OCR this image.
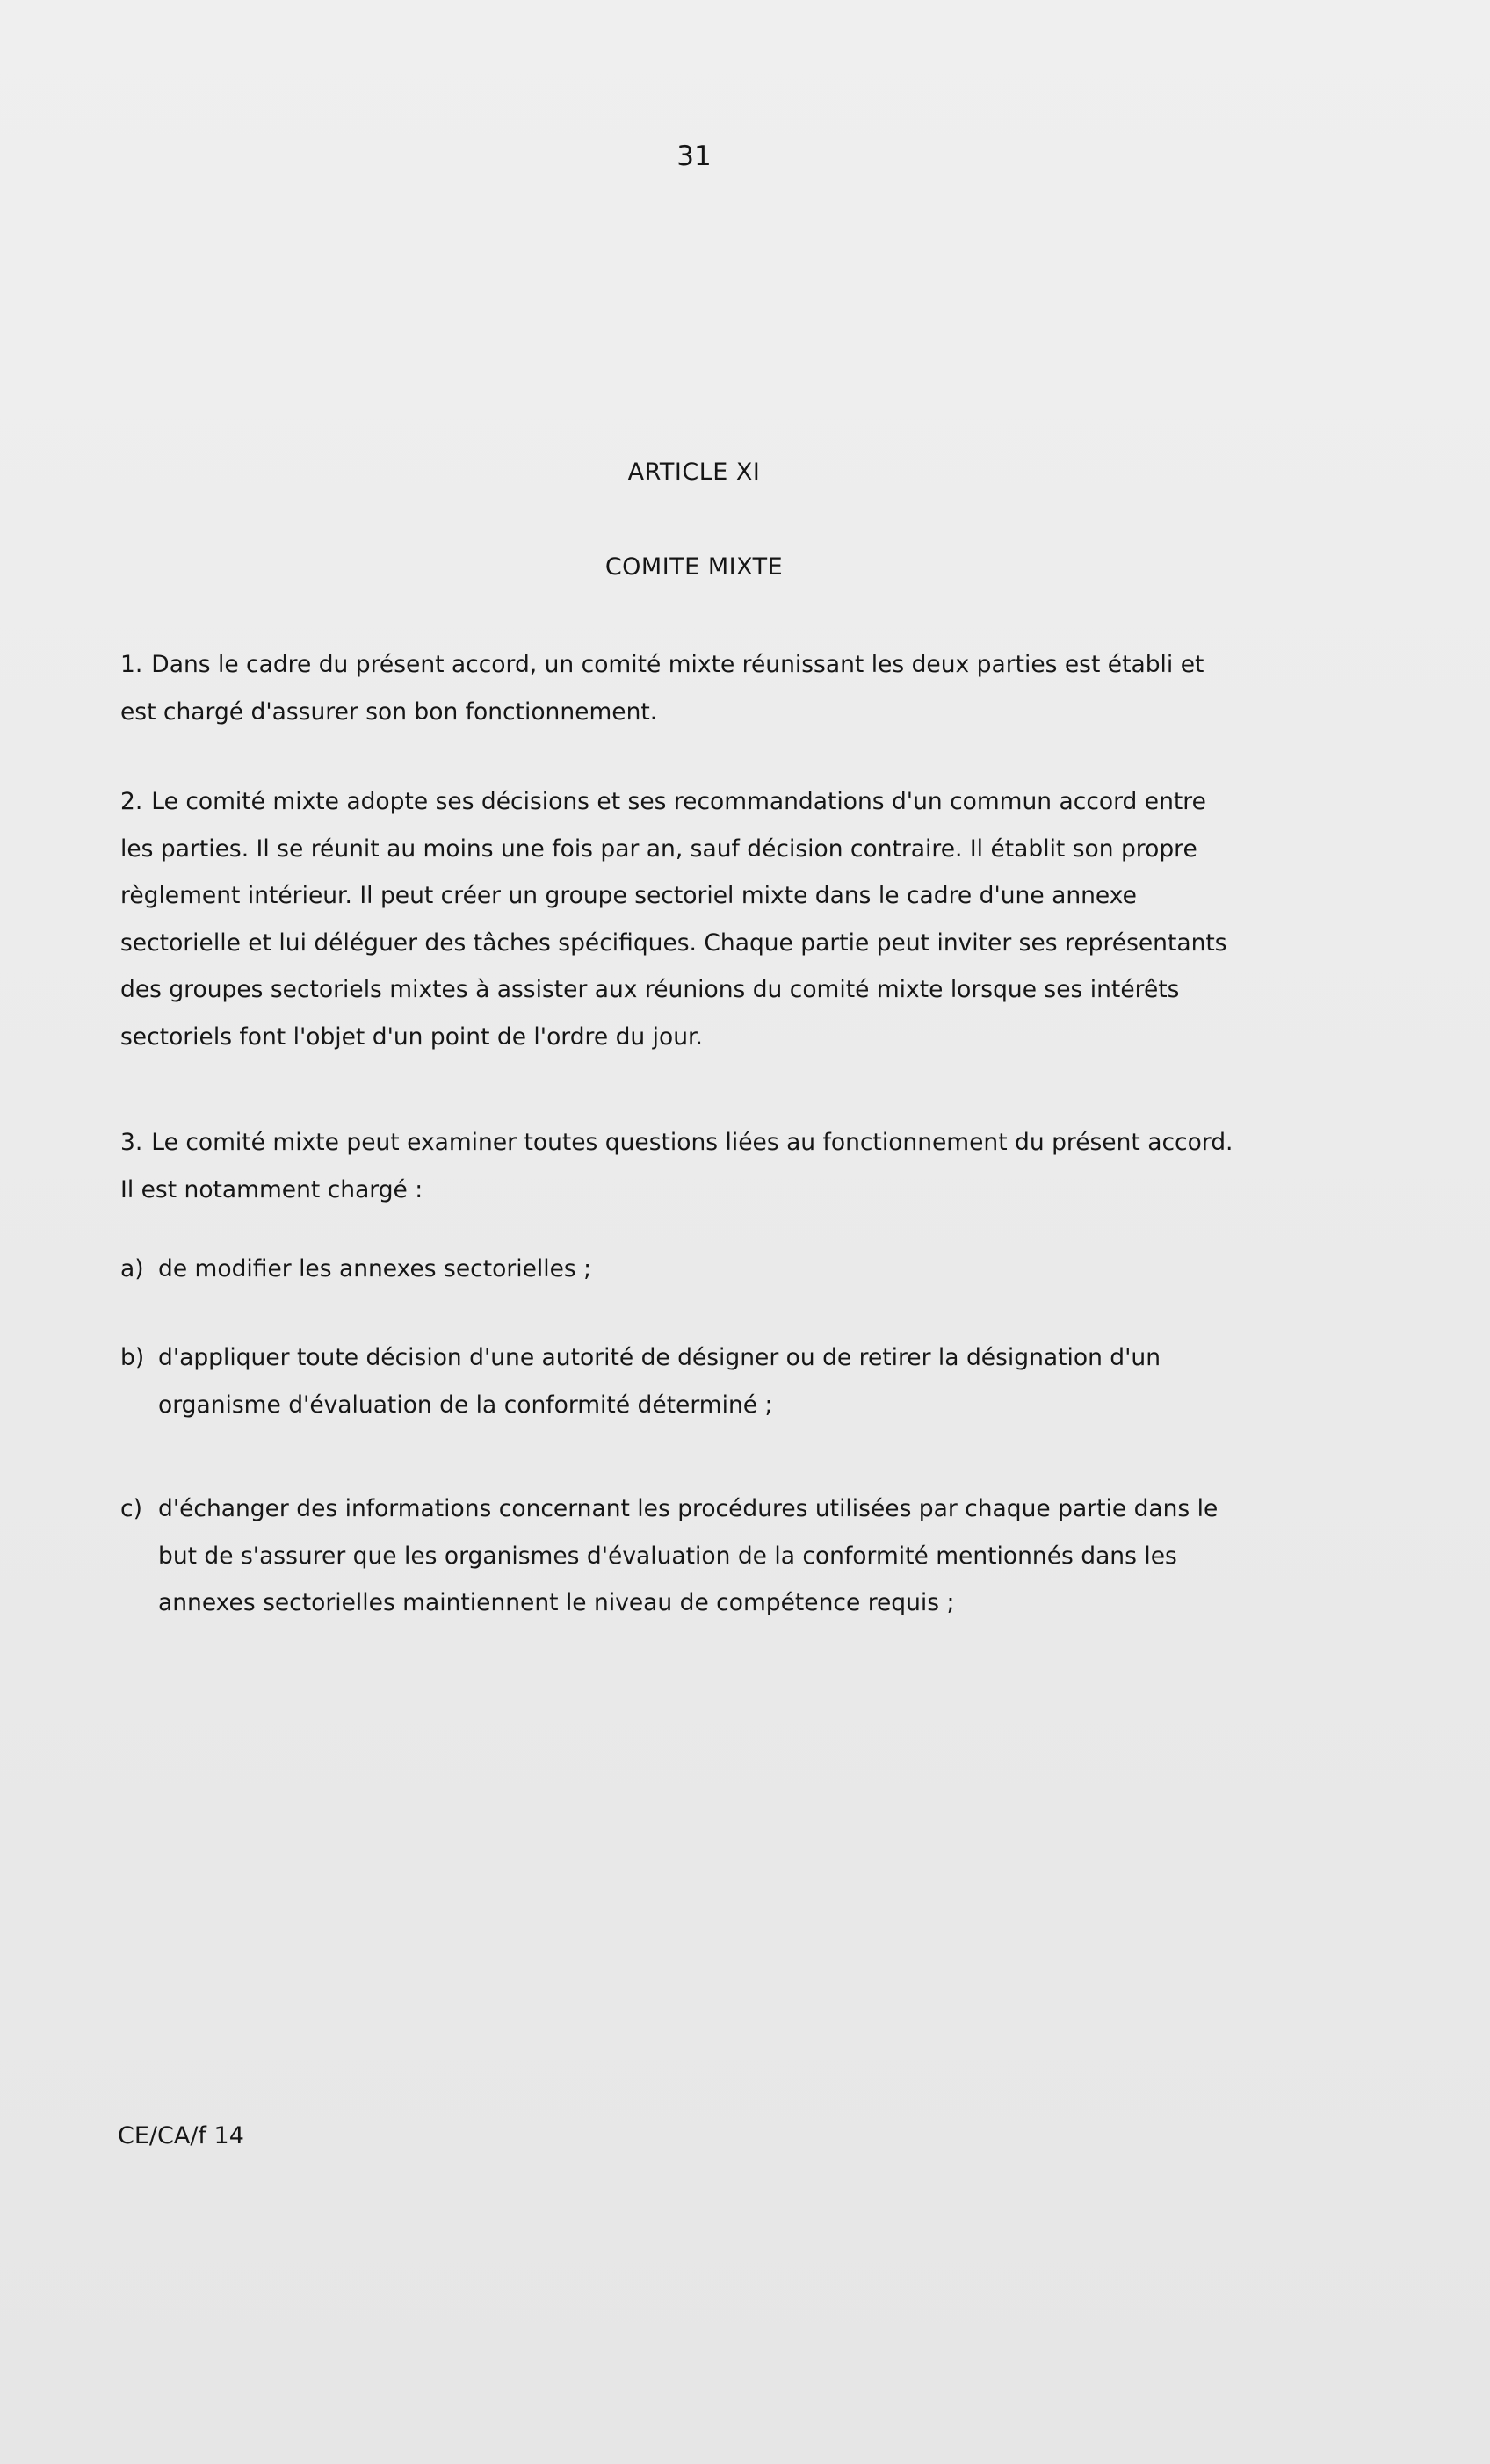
31
ARTICLE XI
COMITE MIXTE

1. Dans le cadre du présent accord, un comité mixte réunissant les deux parties est établi et est chargé d'assurer son bon fonctionnement.

2. Le comité mixte adopte ses décisions et ses recommandations d'un commun accord entre les parties. Il se réunit au moins une fois par an, sauf décision contraire. Il établit son propre règlement intérieur. Il peut créer un groupe sectoriel mixte dans le cadre d'une annexe sectorielle et lui déléguer des tâches spécifiques. Chaque partie peut inviter ses représentants des groupes sectoriels mixtes à assister aux réunions du comité mixte lorsque ses intérêts sectoriels font l'objet d'un point de l'ordre du jour.

3. Le comité mixte peut examiner toutes questions liées au fonctionnement du présent accord. Il est notamment chargé :

a) de modifier les annexes sectorielles ;
b) d'appliquer toute décision d'une autorité de désigner ou de retirer la désignation d'un organisme d'évaluation de la conformité déterminé ;
c) d'échanger des informations concernant les procédures utilisées par chaque partie dans le but de s'assurer que les organismes d'évaluation de la conformité mentionnés dans les annexes sectorielles maintiennent le niveau de compétence requis ;
CE/CA/f 14
